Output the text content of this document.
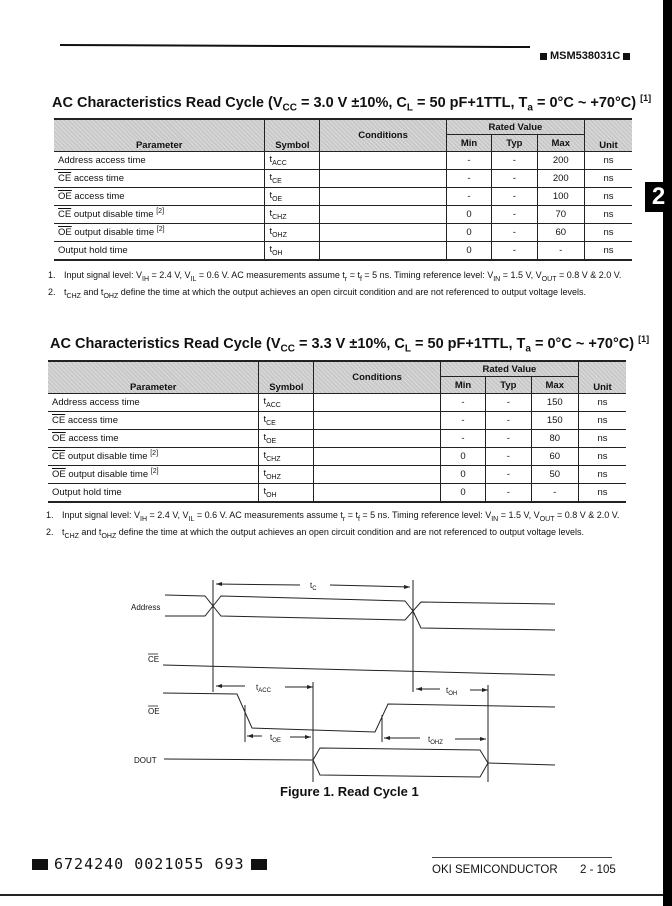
MSM538031C
2
AC Characteristics Read Cycle ($V_{CC} = 3.0$ V ±10%, $C_L = 50$ pF+1TTL, $T_a = 0^\circ C$ ~ +70°C) [1]
Parameter	Symbol	Conditions	Rated Value			Unit
			Min	Typ	Max	
Address access time	$t_{ACC}$		-	-	200	ns
$\overline{CE}$ access time	$t_{CE}$		-	-	200	ns
$\overline{OE}$ access time	$t_{OE}$		-	-	100	ns
$\overline{CE}$ output disable time [2]	$t_{CHZ}$		0	-	70	ns
$\overline{OE}$ output disable time [2]	$t_{OHZ}$		0	-	60	ns
Output hold time	$t_{OH}$		0	-	-	ns
1. Input signal level: $V_{IH} = 2.4$ V, $V_{IL} = 0.6$ V. AC measurements assume $t_r = t_f = 5$ ns. Timing reference level: $V_{IN} = 1.5$ V, $V_{OUT} = 0.8$ V & 2.0 V.
2. $t_{CHZ}$ and $t_{OHZ}$ define the time at which the output achieves an open circuit condition and are not referenced to output voltage levels.
AC Characteristics Read Cycle ($V_{CC} = 3.3$ V ±10%, $C_L = 50$ pF+1TTL, $T_a = 0^\circ C$ ~ +70°C) [1]
Parameter	Symbol	Conditions	Rated Value			Unit
			Min	Typ	Max	
Address access time	$t_{ACC}$		-	-	150	ns
$\overline{CE}$ access time	$t_{CE}$		-	-	150	ns
$\overline{OE}$ access time	$t_{OE}$		-	-	80	ns
$\overline{CE}$ output disable time [2]	$t_{CHZ}$		0	-	60	ns
$\overline{OE}$ output disable time [2]	$t_{OHZ}$		0	-	50	ns
Output hold time	$t_{OH}$		0	-	-	ns
1. Input signal level: $V_{IH} = 2.4$ V, $V_{IL} = 0.6$ V. AC measurements assume $t_r = t_f = 5$ ns. Timing reference level: $V_{IN} = 1.5$ V, $V_{OUT} = 0.8$ V & 2.0 V.
2. $t_{CHZ}$ and $t_{OHZ}$ define the time at which the output achieves an open circuit condition and are not referenced to output voltage levels.
Address
CE
OE
DOUT
$t_C$
$t_{ACC}$	$t_{OH}$
$t_{OE}$	$t_{OHZ}$
Figure 1. Read Cycle 1
6724240 0021055 693	OKI SEMICONDUCTOR 2 - 105
